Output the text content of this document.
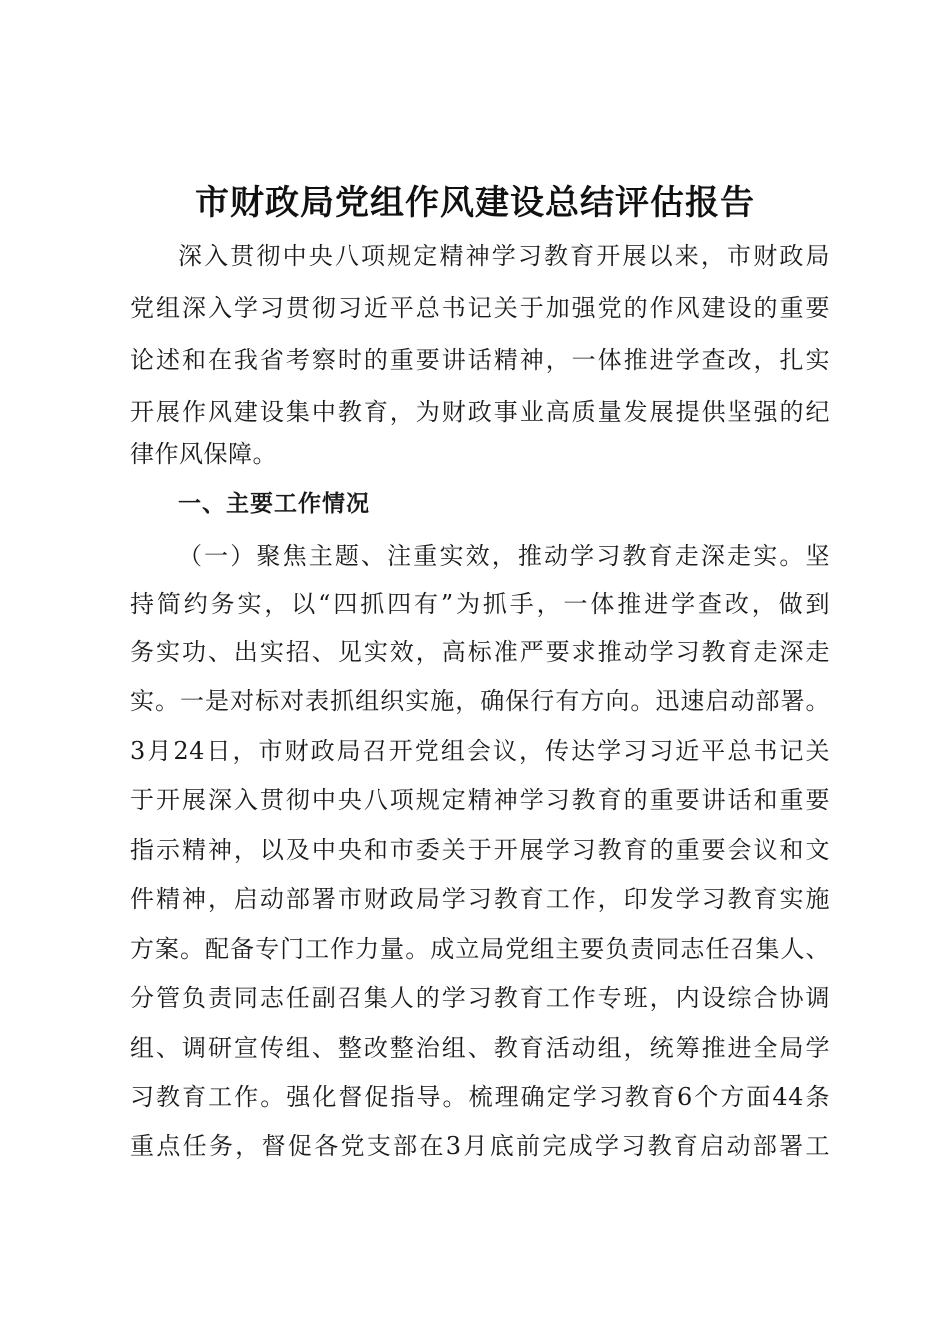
市财政局党组作风建设总结评估报告
深入贯彻中央八项规定精神学习教育开展以来，市财政局
党组深入学习贯彻习近平总书记关于加强党的作风建设的重要
论述和在我省考察时的重要讲话精神，一体推进学查改，扎实
开展作风建设集中教育，为财政事业高质量发展提供坚强的纪
律作风保障。
一、主要工作情况
（一）聚焦主题、注重实效，推动学习教育走深走实。坚
持简约务实，以“四抓四有”为抓手，一体推进学查改，做到
务实功、出实招、见实效，高标准严要求推动学习教育走深走
实。一是对标对表抓组织实施，确保行有方向。迅速启动部署。
3月24日，市财政局召开党组会议，传达学习习近平总书记关
于开展深入贯彻中央八项规定精神学习教育的重要讲话和重要
指示精神，以及中央和市委关于开展学习教育的重要会议和文
件精神，启动部署市财政局学习教育工作，印发学习教育实施
方案。配备专门工作力量。成立局党组主要负责同志任召集人、
分管负责同志任副召集人的学习教育工作专班，内设综合协调
组、调研宣传组、整改整治组、教育活动组，统筹推进全局学
习教育工作。强化督促指导。梳理确定学习教育6个方面44条
重点任务，督促各党支部在3月底前完成学习教育启动部署工
